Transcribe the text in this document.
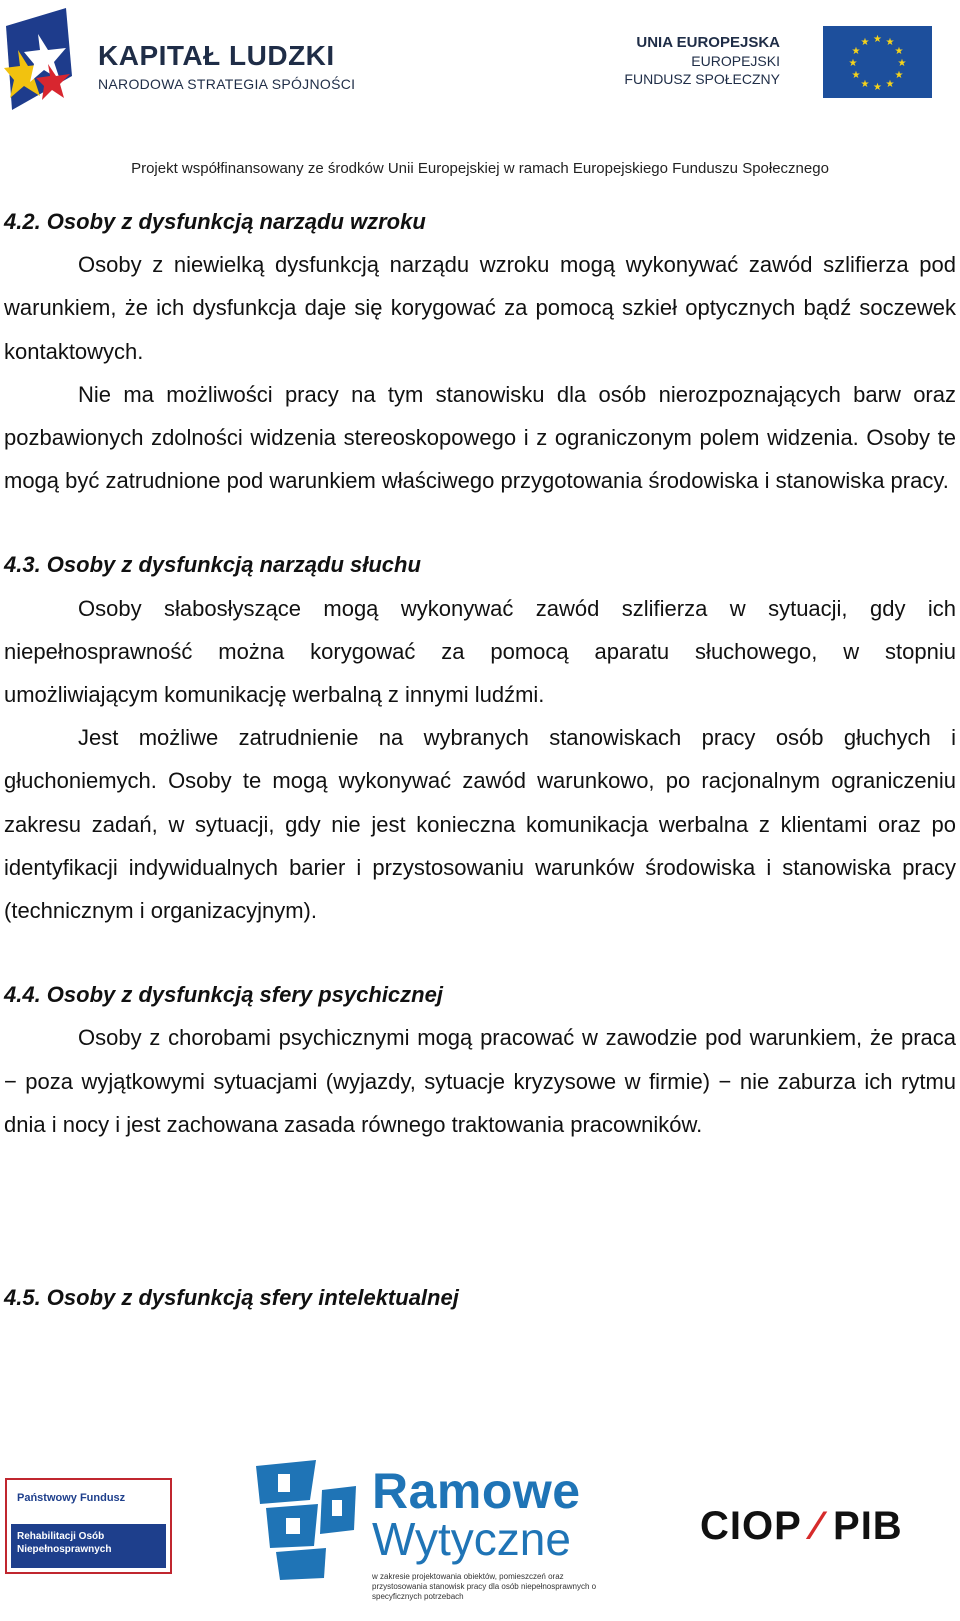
KAPITAŁ LUDZKI
NARODOWA STRATEGIA SPÓJNOŚCI
UNIA EUROPEJSKA
EUROPEJSKI
FUNDUSZ SPOŁECZNY
★ ★
★
★
★
★
★
★
★
★
★
★
Projekt współfinansowany ze środków Unii Europejskiej w ramach Europejskiego Funduszu Społecznego
4.2. Osoby z dysfunkcją narządu wzroku

Osoby z niewielką dysfunkcją narządu wzroku mogą wykonywać zawód szlifierza pod warunkiem, że ich dysfunkcja daje się korygować za pomocą szkieł optycznych bądź soczewek kontaktowych.

Nie ma możliwości pracy na tym stanowisku dla osób nierozpoznających barw oraz pozbawionych zdolności widzenia stereoskopowego i z ograniczonym polem widzenia. Osoby te mogą być zatrudnione pod warunkiem właściwego przygotowania środowiska i stanowiska pracy.

4.3. Osoby z dysfunkcją narządu słuchu

Osoby słabosłyszące mogą wykonywać zawód szlifierza w sytuacji, gdy ich niepełnosprawność można korygować za pomocą aparatu słuchowego, w stopniu umożliwiającym komunikację werbalną z innymi ludźmi.

Jest możliwe zatrudnienie na wybranych stanowiskach pracy osób głuchych i głuchoniemych. Osoby te mogą wykonywać zawód warunkowo, po racjonalnym ograniczeniu zakresu zadań, w sytuacji, gdy nie jest konieczna komunikacja werbalna z klientami oraz po identyfikacji indywidualnych barier i przystosowaniu warunków środowiska i stanowiska pracy (technicznym i organizacyjnym).

4.4. Osoby z dysfunkcją sfery psychicznej

Osoby z chorobami psychicznymi mogą pracować w zawodzie pod warunkiem, że praca − poza wyjątkowymi sytuacjami (wyjazdy, sytuacje kryzysowe w firmie) − nie zaburza ich rytmu dnia i nocy i jest zachowana zasada równego traktowania pracowników.

4.5. Osoby z dysfunkcją sfery intelektualnej
Państwowy Fundusz
Rehabilitacji Osób Niepełnosprawnych
Ramowe
Wytyczne
w zakresie projektowania obiektów, pomieszczeń oraz przystosowania stanowisk pracy dla osób niepełnosprawnych o specyficznych potrzebach
CIOP ⁄ PIB
